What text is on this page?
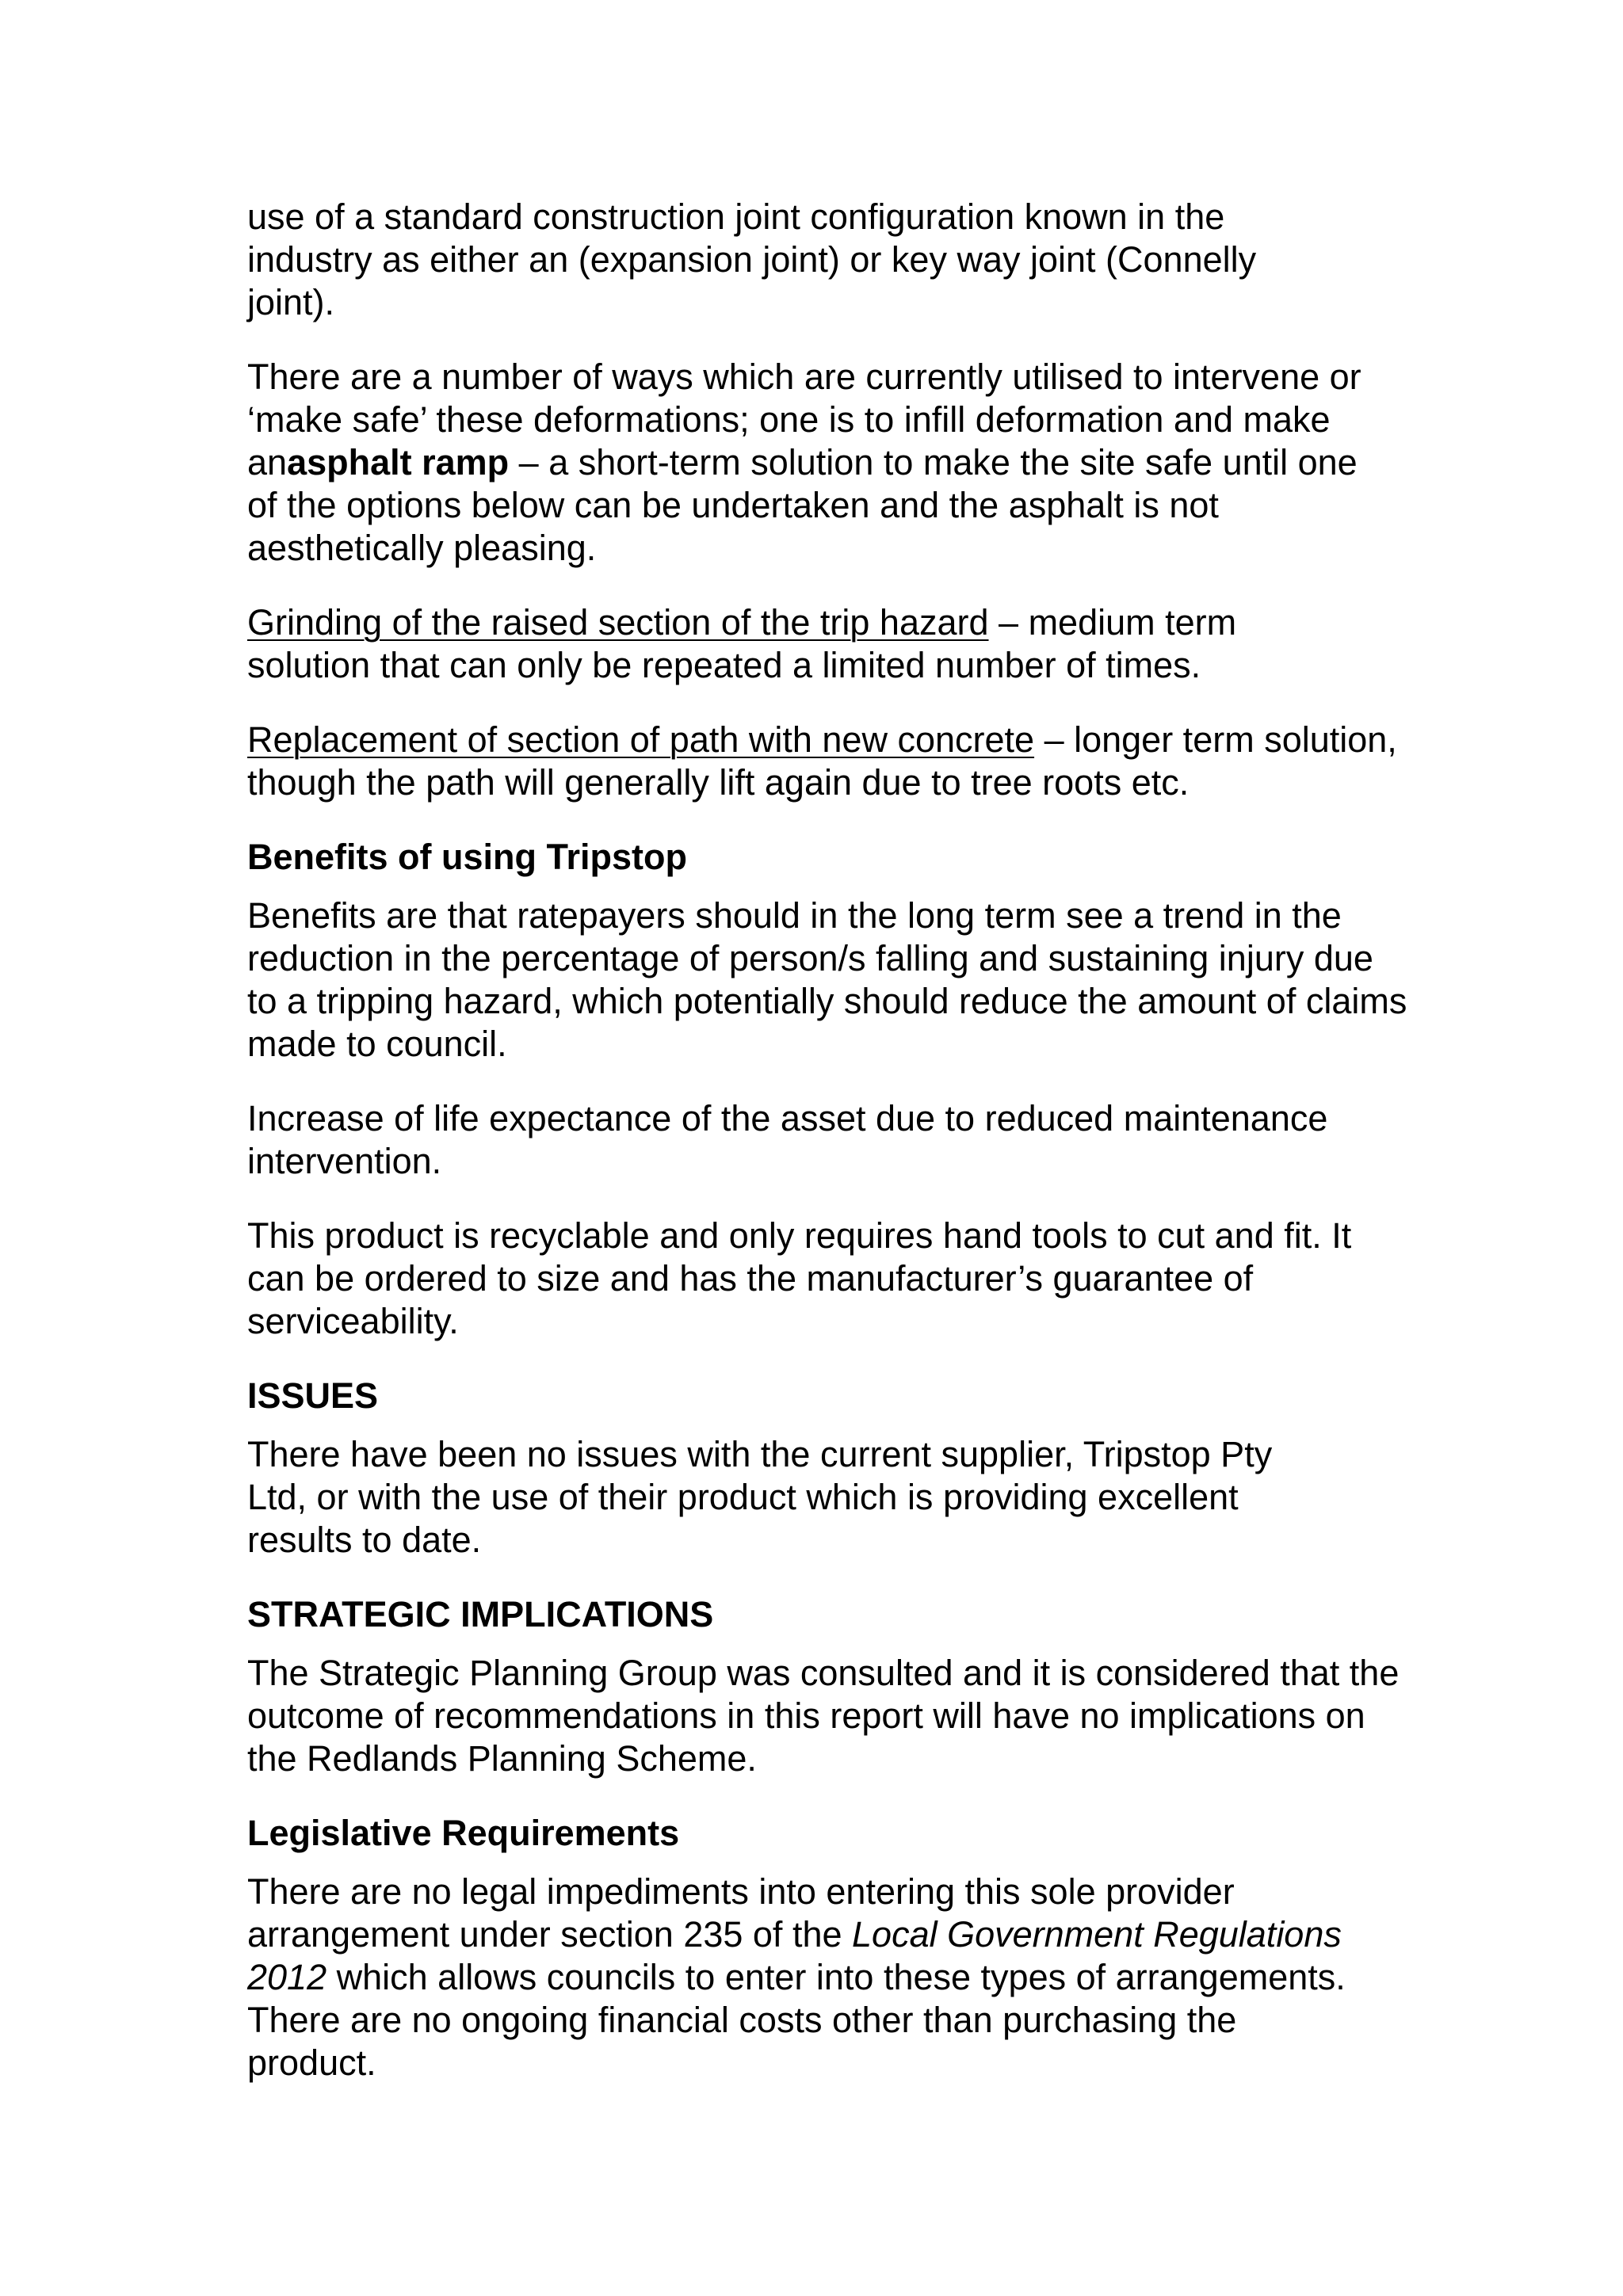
use of a standard construction joint configuration known in the industry as either an (expansion joint) or key way joint (Connelly joint).

There are a number of ways which are currently utilised to intervene or ‘make safe’ these deformations; one is to infill deformation and make anasphalt ramp – a short-term solution to make the site safe until one of the options below can be undertaken and the asphalt is not aesthetically pleasing.

Grinding of the raised section of the trip hazard – medium term solution that can only be repeated a limited number of times.

Replacement of section of path with new concrete – longer term solution, though the path will generally lift again due to tree roots etc.

Benefits of using Tripstop

Benefits are that ratepayers should in the long term see a trend in the reduction in the percentage of person/s falling and sustaining injury due to a tripping hazard, which potentially should reduce the amount of claims made to council.

Increase of life expectance of the asset due to reduced maintenance intervention.

This product is recyclable and only requires hand tools to cut and fit. It can be ordered to size and has the manufacturer’s guarantee of serviceability.

ISSUES

There have been no issues with the current supplier, Tripstop Pty Ltd, or with the use of their product which is providing excellent results to date.

STRATEGIC IMPLICATIONS

The Strategic Planning Group was consulted and it is considered that the outcome of recommendations in this report will have no implications on the Redlands Planning Scheme.

Legislative Requirements

There are no legal impediments into entering this sole provider arrangement under section 235 of the Local Government Regulations 2012 which allows councils to enter into these types of arrangements. There are no ongoing financial costs other than purchasing the product.
